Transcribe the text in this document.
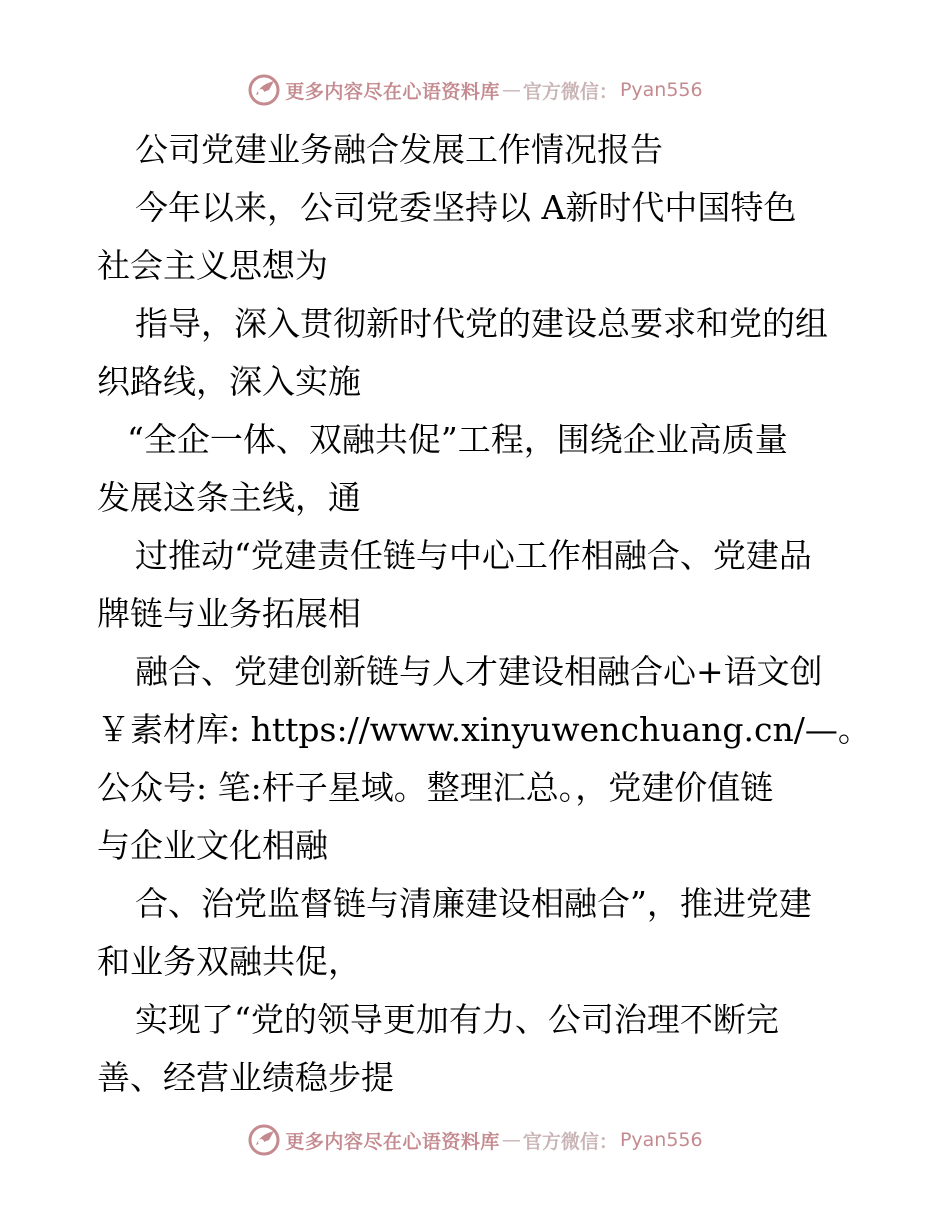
更多内容尽在心语资料库 — 官方微信： Pyan556

公司党建业务融合发展工作情况报告

今年以来，公司党委坚持以 A新时代中国特色

社会主义思想为

指导，深入贯彻新时代党的建设总要求和党的组

织路线，深入实施

“全企一体、双融共促”工程，围绕企业高质量

发展这条主线，通

过推动“党建责任链与中心工作相融合、党建品

牌链与业务拓展相

融合、党建创新链与人才建设相融合心+语文创

￥素材库: https://www.xinyuwenchuang.cn/—。

公众号: 笔:杆子星域。整理汇总。，党建价值链

与企业文化相融

合、治党监督链与清廉建设相融合”，推进党建

和业务双融共促，

实现了“党的领导更加有力、公司治理不断完

善、经营业绩稳步提

更多内容尽在心语资料库 — 官方微信： Pyan556
